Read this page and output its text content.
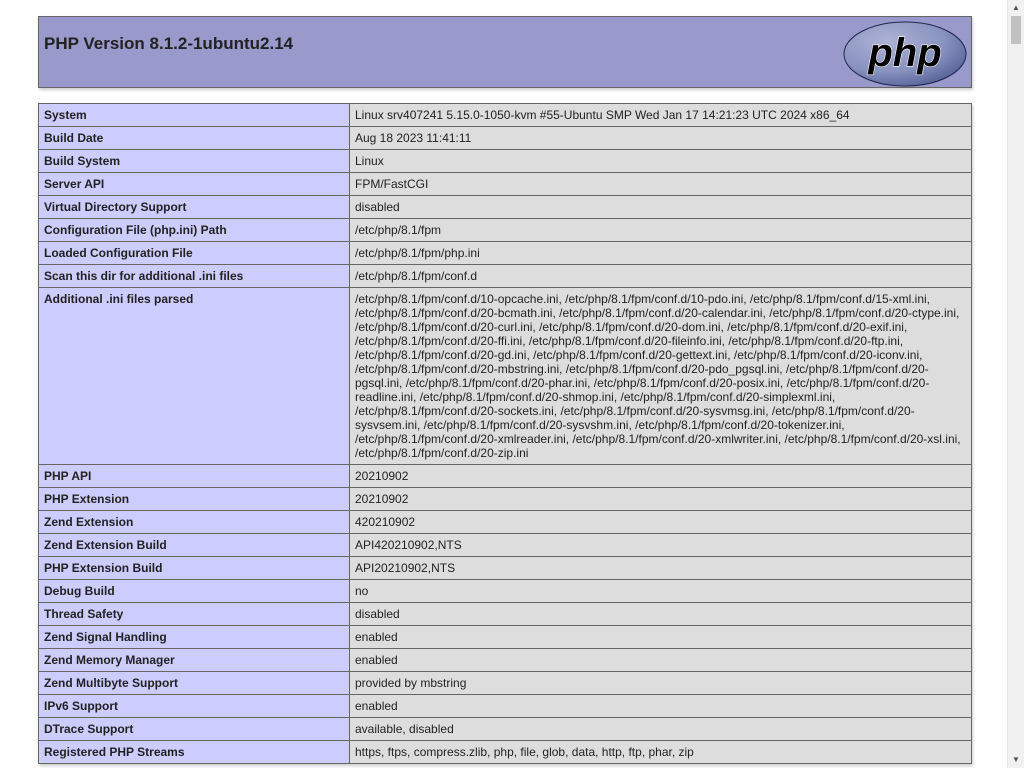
PHP Version 8.1.2-1ubuntu2.14	php
System	Linux srv407241 5.15.0-1050-kvm #55-Ubuntu SMP Wed Jan 17 14:21:23 UTC 2024 x86_64
Build Date	Aug 18 2023 11:41:11
Build System	Linux
Server API	FPM/FastCGI
Virtual Directory Support	disabled
Configuration File (php.ini) Path	/etc/php/8.1/fpm
Loaded Configuration File	/etc/php/8.1/fpm/php.ini
Scan this dir for additional .ini files	/etc/php/8.1/fpm/conf.d
Additional .ini files parsed	/etc/php/8.1/fpm/conf.d/10-opcache.ini, /etc/php/8.1/fpm/conf.d/10-pdo.ini, /etc/php/8.1/fpm/conf.d/15-xml.ini, /etc/php/8.1/fpm/conf.d/20-bcmath.ini, /etc/php/8.1/fpm/conf.d/20-calendar.ini, /etc/php/8.1/fpm/conf.d/20-ctype.ini, /etc/php/8.1/fpm/conf.d/20-curl.ini, /etc/php/8.1/fpm/conf.d/20-dom.ini, /etc/php/8.1/fpm/conf.d/20-exif.ini, /etc/php/8.1/fpm/conf.d/20-ffi.ini, /etc/php/8.1/fpm/conf.d/20-fileinfo.ini, /etc/php/8.1/fpm/conf.d/20-ftp.ini, /etc/php/8.1/fpm/conf.d/20-gd.ini, /etc/php/8.1/fpm/conf.d/20-gettext.ini, /etc/php/8.1/fpm/conf.d/20-iconv.ini, /etc/php/8.1/fpm/conf.d/20-mbstring.ini, /etc/php/8.1/fpm/conf.d/20-pdo_pgsql.ini, /etc/php/8.1/fpm/conf.d/20-pgsql.ini, /etc/php/8.1/fpm/conf.d/20-phar.ini, /etc/php/8.1/fpm/conf.d/20-posix.ini, /etc/php/8.1/fpm/conf.d/20-readline.ini, /etc/php/8.1/fpm/conf.d/20-shmop.ini, /etc/php/8.1/fpm/conf.d/20-simplexml.ini, /etc/php/8.1/fpm/conf.d/20-sockets.ini, /etc/php/8.1/fpm/conf.d/20-sysvmsg.ini, /etc/php/8.1/fpm/conf.d/20-sysvsem.ini, /etc/php/8.1/fpm/conf.d/20-sysvshm.ini, /etc/php/8.1/fpm/conf.d/20-tokenizer.ini, /etc/php/8.1/fpm/conf.d/20-xmlreader.ini, /etc/php/8.1/fpm/conf.d/20-xmlwriter.ini, /etc/php/8.1/fpm/conf.d/20-xsl.ini, /etc/php/8.1/fpm/conf.d/20-zip.ini
PHP API	20210902
PHP Extension	20210902
Zend Extension	420210902
Zend Extension Build	API420210902,NTS
PHP Extension Build	API20210902,NTS
Debug Build	no
Thread Safety	disabled
Zend Signal Handling	enabled
Zend Memory Manager	enabled
Zend Multibyte Support	provided by mbstring
IPv6 Support	enabled
DTrace Support	available, disabled
Registered PHP Streams	https, ftps, compress.zlib, php, file, glob, data, http, ftp, phar, zip
▲
▼
